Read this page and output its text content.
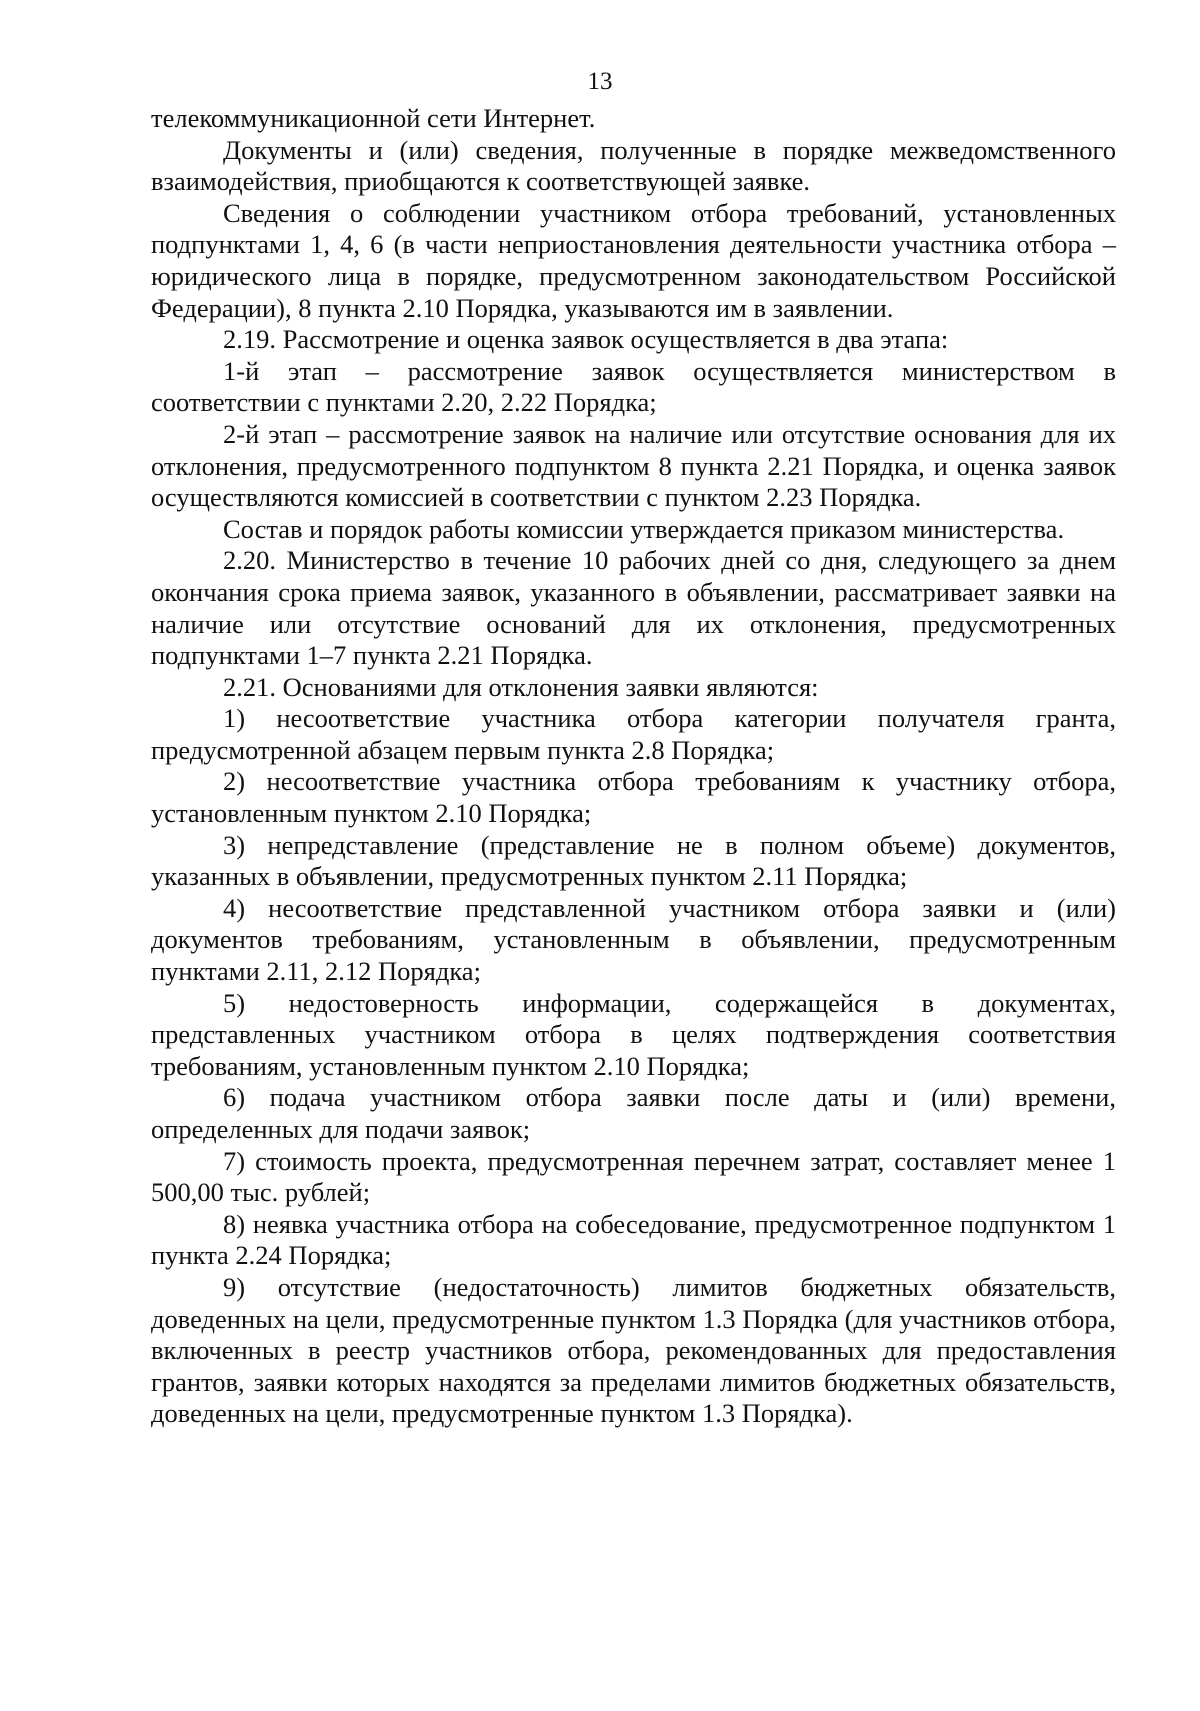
13

телекоммуникационной сети Интернет.

Документы и (или) сведения, полученные в порядке межведомственного взаимодействия, приобщаются к соответствующей заявке.

Сведения о соблюдении участником отбора требований, установленных подпунктами 1, 4, 6 (в части неприостановления деятельности участника отбора – юридического лица в порядке, предусмотренном законодательством Российской Федерации), 8 пункта 2.10 Порядка, указываются им в заявлении.

2.19. Рассмотрение и оценка заявок осуществляется в два этапа:

1-й этап – рассмотрение заявок осуществляется министерством в соответствии с пунктами 2.20, 2.22 Порядка;

2-й этап – рассмотрение заявок на наличие или отсутствие основания для их отклонения, предусмотренного подпунктом 8 пункта 2.21 Порядка, и оценка заявок осуществляются комиссией в соответствии с пунктом 2.23 Порядка.

Состав и порядок работы комиссии утверждается приказом министерства.

2.20. Министерство в течение 10 рабочих дней со дня, следующего за днем окончания срока приема заявок, указанного в объявлении, рассматривает заявки на наличие или отсутствие оснований для их отклонения, предусмотренных подпунктами 1–7 пункта 2.21 Порядка.

2.21. Основаниями для отклонения заявки являются:

1) несоответствие участника отбора категории получателя гранта, предусмотренной абзацем первым пункта 2.8 Порядка;

2) несоответствие участника отбора требованиям к участнику отбора, установленным пунктом 2.10 Порядка;

3) непредставление (представление не в полном объеме) документов, указанных в объявлении, предусмотренных пунктом 2.11 Порядка;

4) несоответствие представленной участником отбора заявки и (или) документов требованиям, установленным в объявлении, предусмотренным пунктами 2.11, 2.12 Порядка;

5) недостоверность информации, содержащейся в документах, представленных участником отбора в целях подтверждения соответствия требованиям, установленным пунктом 2.10 Порядка;

6) подача участником отбора заявки после даты и (или) времени, определенных для подачи заявок;

7) стоимость проекта, предусмотренная перечнем затрат, составляет менее 1 500,00 тыс. рублей;

8) неявка участника отбора на собеседование, предусмотренное подпунктом 1 пункта 2.24 Порядка;

9) отсутствие (недостаточность) лимитов бюджетных обязательств, доведенных на цели, предусмотренные пунктом 1.3 Порядка (для участников отбора, включенных в реестр участников отбора, рекомендованных для предоставления грантов, заявки которых находятся за пределами лимитов бюджетных обязательств, доведенных на цели, предусмотренные пунктом 1.3 Порядка).
